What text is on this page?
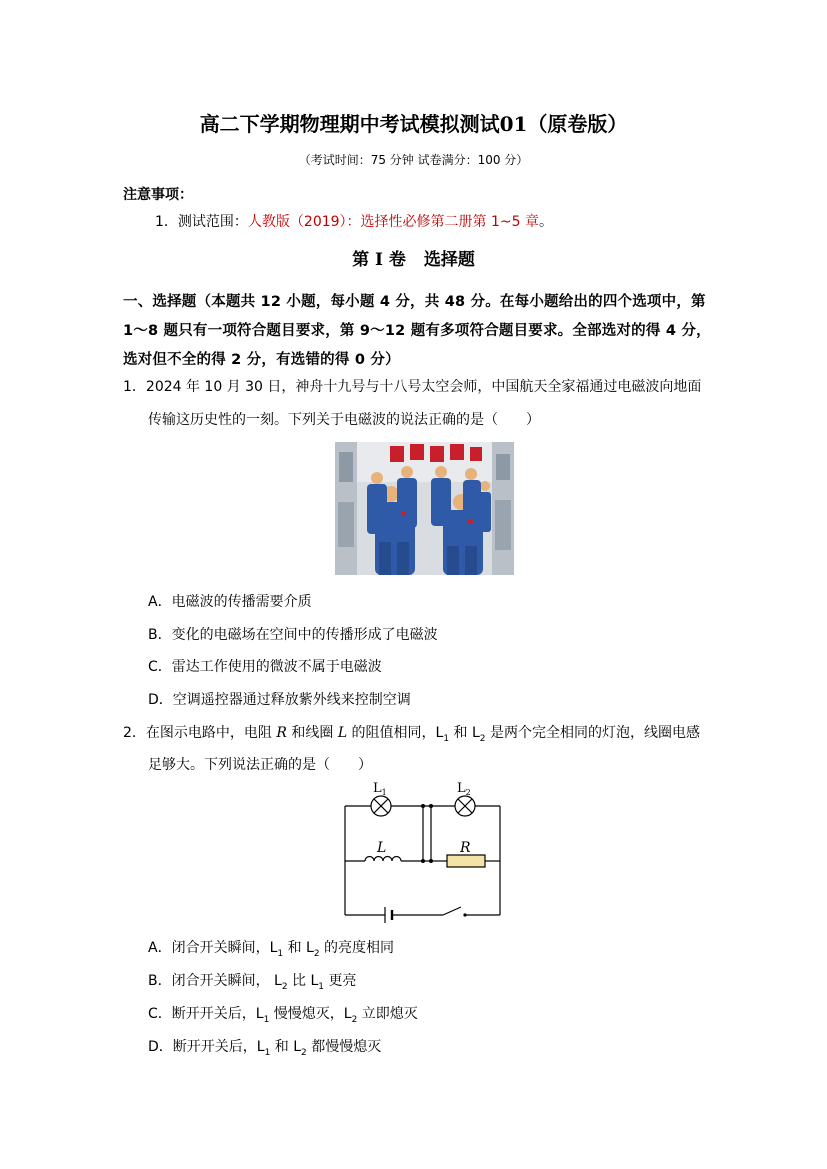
高二下学期物理期中考试模拟测试01（原卷版）
（考试时间：75 分钟 试卷满分：100 分）
注意事项：
1．测试范围：人教版（2019）：选择性必修第二册第 1~5 章。
第 I 卷 选择题
一、选择题（本题共 12 小题，每小题 4 分，共 48 分。在每小题给出的四个选项中，第 1～8 题只有一项符合题目要求，第 9～12 题有多项符合题目要求。全部选对的得 4 分，选对但不全的得 2 分，有选错的得 0 分）
1．2024 年 10 月 30 日，神舟十九号与十八号太空会师，中国航天全家福通过电磁波向地面
传输这历史性的一刻。下列关于电磁波的说法正确的是（　　）
A．电磁波的传播需要介质
B．变化的电磁场在空间中的传播形成了电磁波
C．雷达工作使用的微波不属于电磁波
D．空调遥控器通过释放紫外线来控制空调
2．在图示电路中，电阻 R 和线圈 L 的阻值相同，$L_1$ 和 $L_2$ 是两个完全相同的灯泡，线圈电感
足够大。下列说法正确的是（　　）
$L_1$	$L_2$
L	R
A．闭合开关瞬间，$L_1$ 和 $L_2$ 的亮度相同
B．闭合开关瞬间， $L_2$ 比 $L_1$ 更亮
C．断开开关后，$L_1$ 慢慢熄灭，$L_2$ 立即熄灭
D．断开开关后，$L_1$ 和 $L_2$ 都慢慢熄灭
